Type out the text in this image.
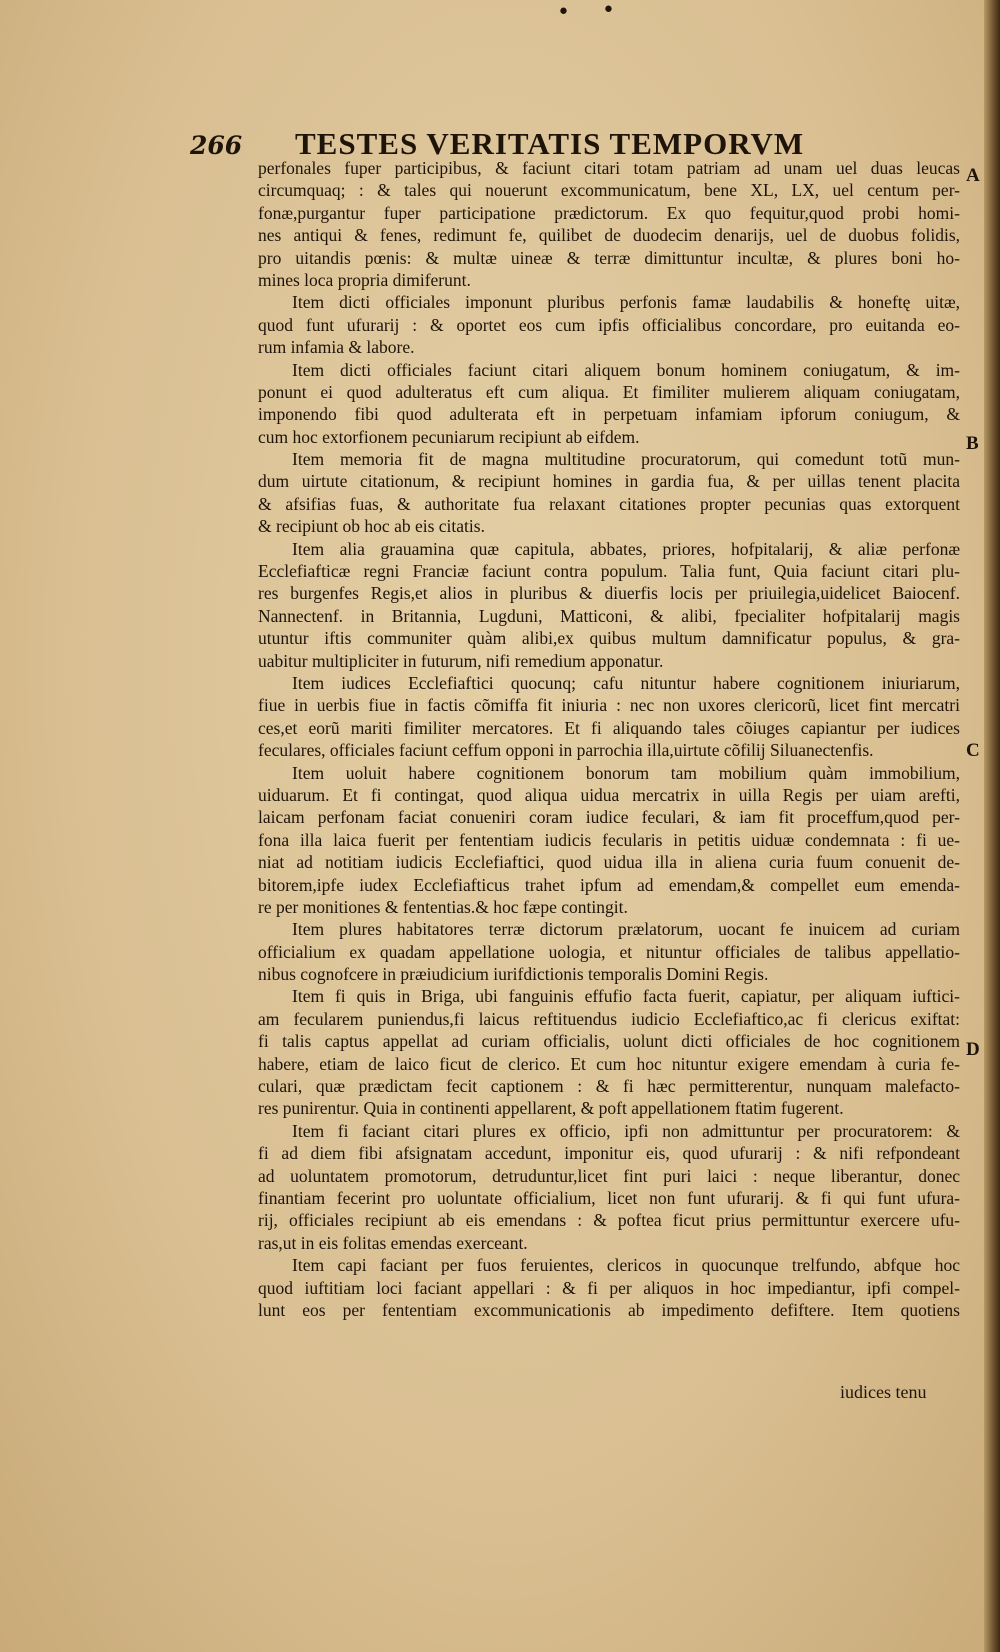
• •
266	TESTES VERITATIS TEMPORVM
perfonales fuper participibus, & faciunt citari totam patriam ad unam uel duas leucas
circumquaq; : & tales qui nouerunt excommunicatum, bene XL, LX, uel centum per-
fonæ,purgantur fuper participatione prædictorum. Ex quo fequitur,quod probi homi-
nes antiqui & fenes, redimunt fe, quilibet de duodecim denarijs, uel de duobus folidis,
pro uitandis pœnis: & multæ uineæ & terræ dimittuntur incultæ, & plures boni ho-
mines loca propria dimiferunt.
Item dicti officiales imponunt pluribus perfonis famæ laudabilis & honeftę uitæ,
quod funt ufurarij : & oportet eos cum ipfis officialibus concordare, pro euitanda eo-
rum infamia & labore.
Item dicti officiales faciunt citari aliquem bonum hominem coniugatum, & im-
ponunt ei quod adulteratus eft cum aliqua. Et fimiliter mulierem aliquam coniugatam,
imponendo fibi quod adulterata eft in perpetuam infamiam ipforum coniugum, &
cum hoc extorfionem pecuniarum recipiunt ab eifdem.
Item memoria fit de magna multitudine procuratorum, qui comedunt totũ mun-
dum uirtute citationum, & recipiunt homines in gardia fua, & per uillas tenent placita
& afsifias fuas, & authoritate fua relaxant citationes propter pecunias quas extorquent
& recipiunt ob hoc ab eis citatis.
Item alia grauamina quæ capitula, abbates, priores, hofpitalarij, & aliæ perfonæ
Ecclefiafticæ regni Franciæ faciunt contra populum. Talia funt, Quia faciunt citari plu-
res burgenfes Regis,et alios in pluribus & diuerfis locis per priuilegia,uidelicet Baiocenf.
Nannectenf. in Britannia, Lugduni, Matticoni, & alibi, fpecialiter hofpitalarij magis
utuntur iftis communiter quàm alibi,ex quibus multum damnificatur populus, & gra-
uabitur multipliciter in futurum, nifi remedium apponatur.
Item iudices Ecclefiaftici quocunq; cafu nituntur habere cognitionem iniuriarum,
fiue in uerbis fiue in factis cõmiffa fit iniuria : nec non uxores clericorũ, licet fint mercatri
ces,et eorũ mariti fimiliter mercatores. Et fi aliquando tales cõiuges capiantur per iudices
feculares, officiales faciunt ceffum opponi in parrochia illa,uirtute cõfilij Siluanectenfis.
Item uoluit habere cognitionem bonorum tam mobilium quàm immobilium,
uiduarum. Et fi contingat, quod aliqua uidua mercatrix in uilla Regis per uiam arefti,
laicam perfonam faciat conueniri coram iudice feculari, & iam fit proceffum,quod per-
fona illa laica fuerit per fententiam iudicis fecularis in petitis uiduæ condemnata : fi ue-
niat ad notitiam iudicis Ecclefiaftici, quod uidua illa in aliena curia fuum conuenit de-
bitorem,ipfe iudex Ecclefiafticus trahet ipfum ad emendam,& compellet eum emenda-
re per monitiones & fententias.& hoc fæpe contingit.
Item plures habitatores terræ dictorum prælatorum, uocant fe inuicem ad curiam
officialium ex quadam appellatione uologia, et nituntur officiales de talibus appellatio-
nibus cognofcere in præiudicium iurifdictionis temporalis Domini Regis.
Item fi quis in Briga, ubi fanguinis effufio facta fuerit, capiatur, per aliquam iuftici-
am fecularem puniendus,fi laicus reftituendus iudicio Ecclefiaftico,ac fi clericus exiftat:
fi talis captus appellat ad curiam officialis, uolunt dicti officiales de hoc cognitionem
habere, etiam de laico ficut de clerico. Et cum hoc nituntur exigere emendam à curia fe-
culari, quæ prædictam fecit captionem : & fi hæc permitterentur, nunquam malefacto-
res punirentur. Quia in continenti appellarent, & poft appellationem ftatim fugerent.
Item fi faciant citari plures ex officio, ipfi non admittuntur per procuratorem: &
fi ad diem fibi afsignatam accedunt, imponitur eis, quod ufurarij : & nifi refpondeant
ad uoluntatem promotorum, detruduntur,licet fint puri laici : neque liberantur, donec
finantiam fecerint pro uoluntate officialium, licet non funt ufurarij. & fi qui funt ufura-
rij, officiales recipiunt ab eis emendans : & poftea ficut prius permittuntur exercere ufu-
ras,ut in eis folitas emendas exerceant.
Item capi faciant per fuos feruientes, clericos in quocunque trelfundo, abfque hoc
quod iuftitiam loci faciant appellari : & fi per aliquos in hoc impediantur, ipfi compel-
lunt eos per fententiam excommunicationis ab impedimento defiftere. Item quotiens
A
B
C
D
iudices tenu
